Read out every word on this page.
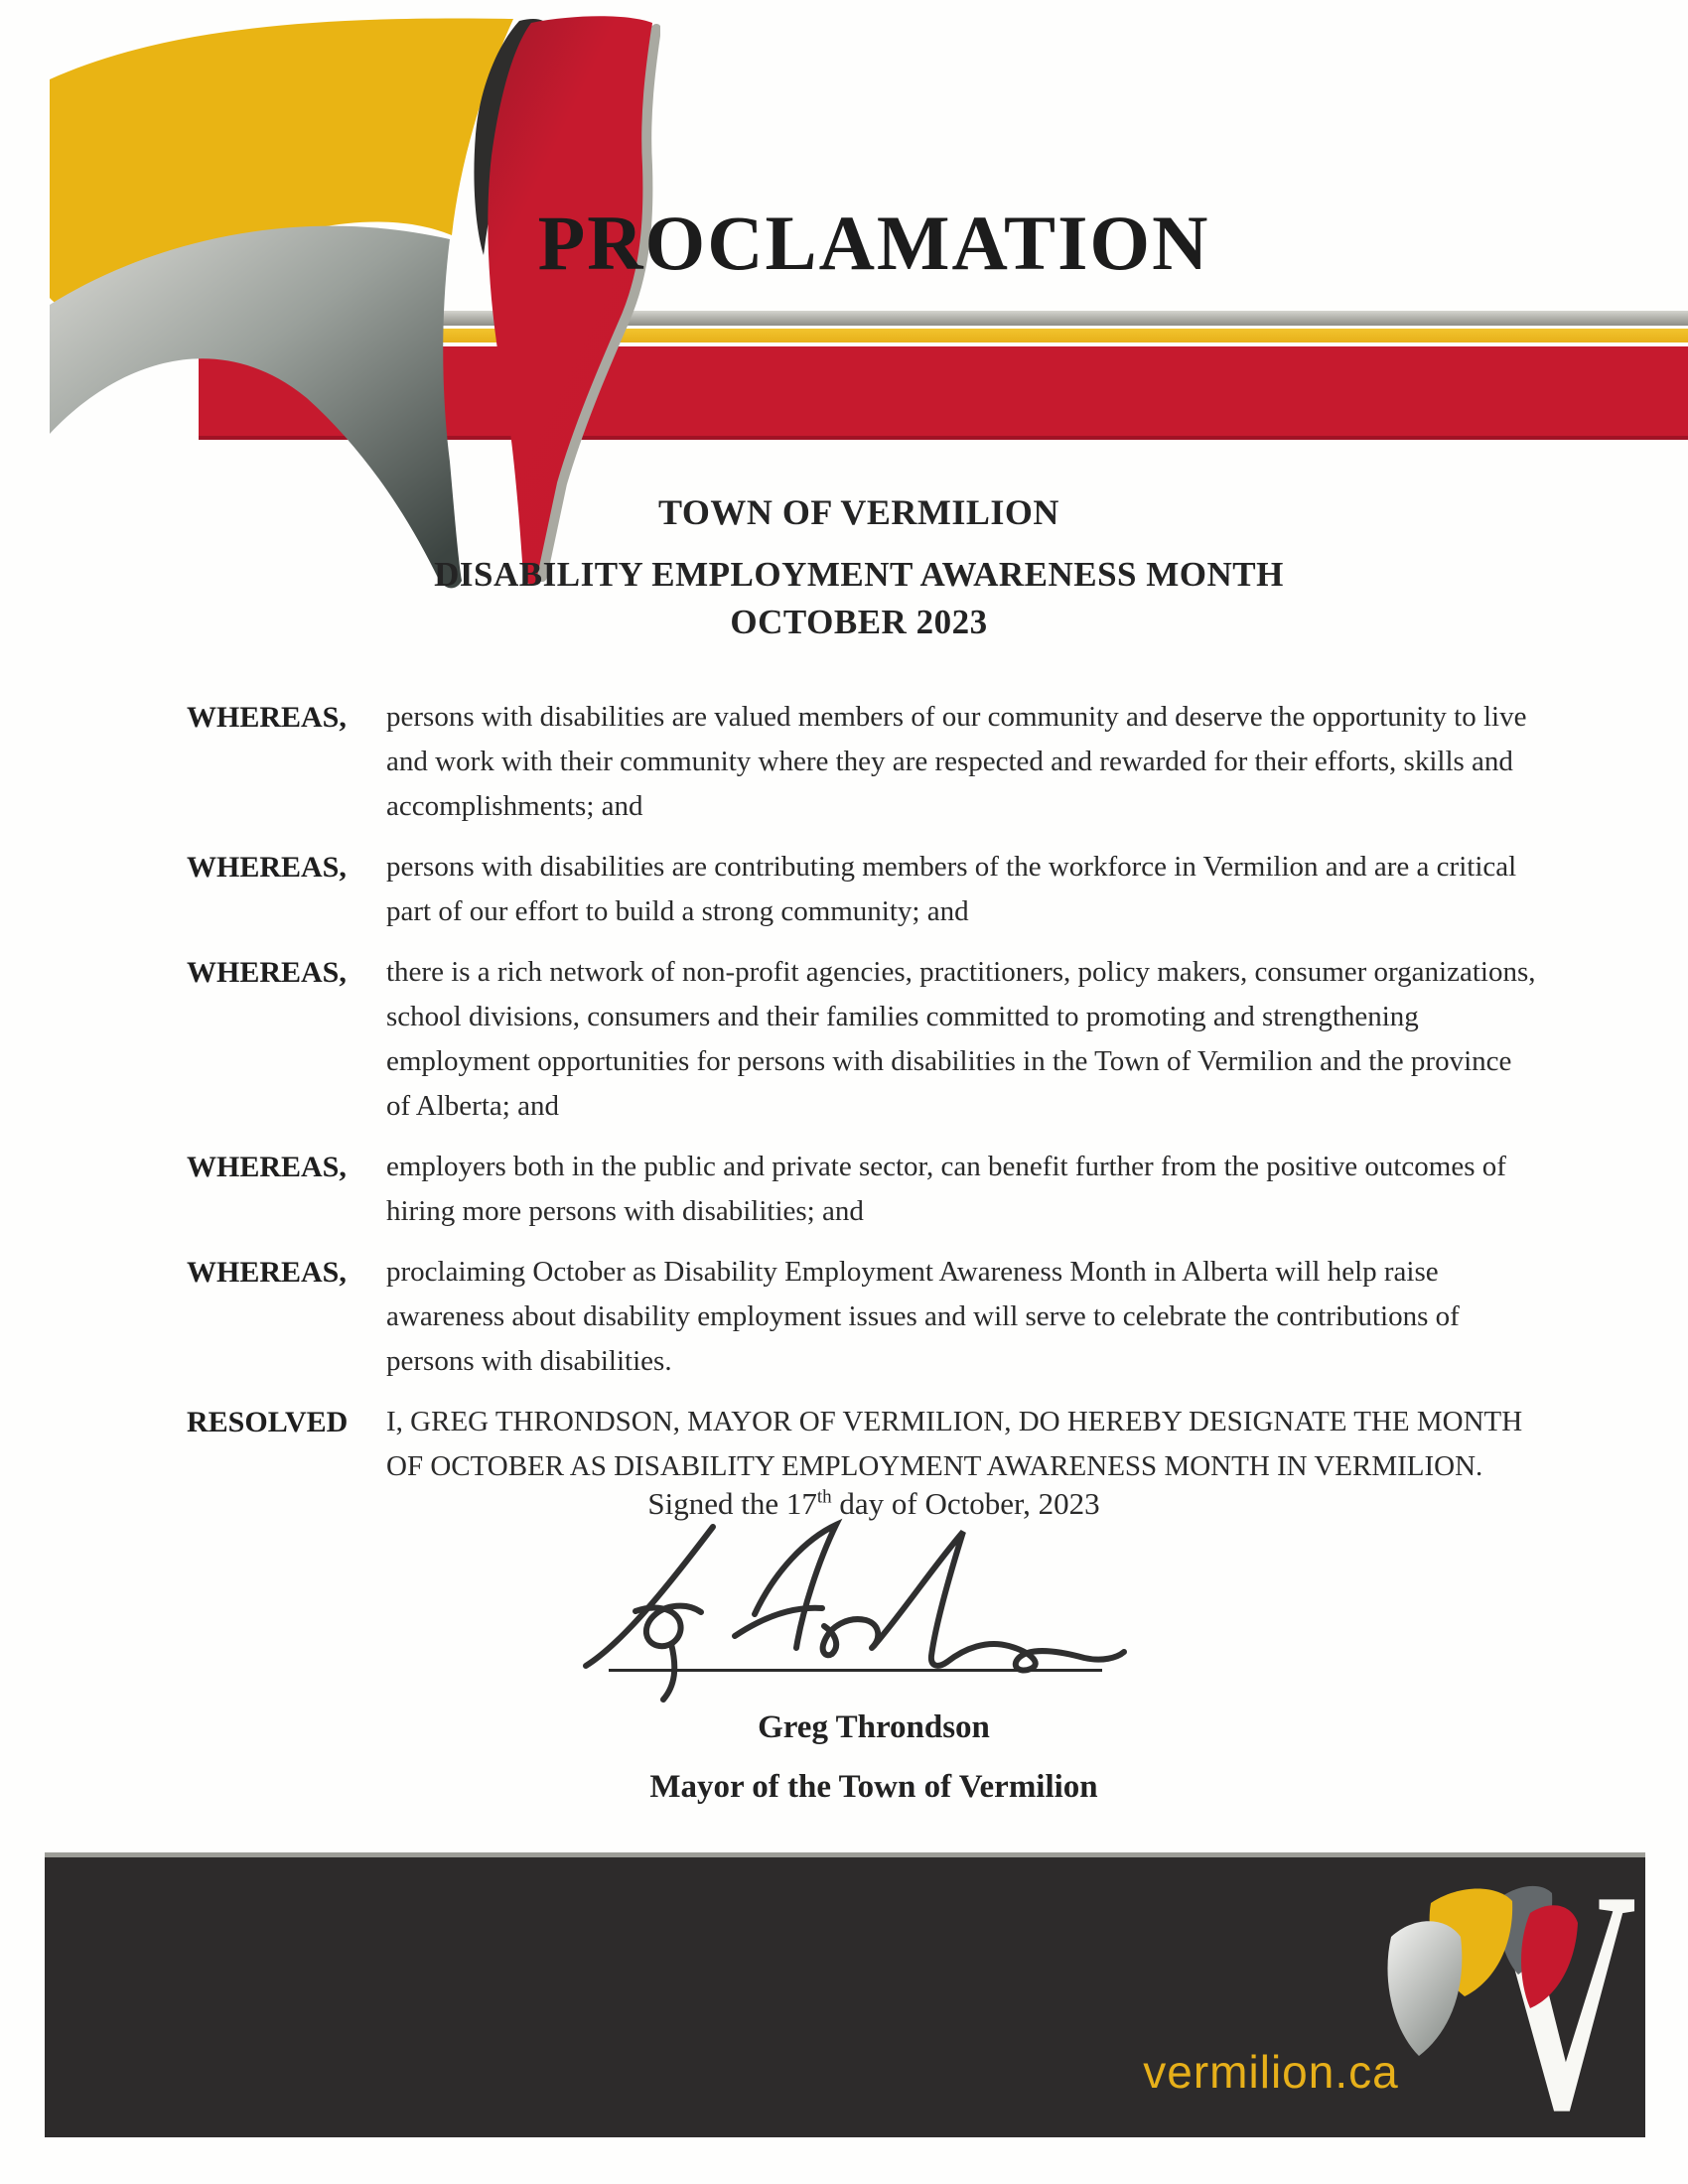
PROCLAMATION
TOWN OF VERMILION
DISABILITY EMPLOYMENT AWARENESS MONTH
OCTOBER 2023
WHEREAS,	persons with disabilities are valued members of our community and deserve the opportunity to live and work with their community where they are respected and rewarded for their efforts, skills and accomplishments; and
WHEREAS,	persons with disabilities are contributing members of the workforce in Vermilion and are a critical part of our effort to build a strong community; and
WHEREAS,	there is a rich network of non-profit agencies, practitioners, policy makers, consumer organizations, school divisions, consumers and their families committed to promoting and strengthening employment opportunities for persons with disabilities in the Town of Vermilion and the province of Alberta; and
WHEREAS,	employers both in the public and private sector, can benefit further from the positive outcomes of hiring more persons with disabilities; and
WHEREAS,	proclaiming October as Disability Employment Awareness Month in Alberta will help raise awareness about disability employment issues and will serve to celebrate the contributions of persons with disabilities.
RESOLVED	I, GREG THRONDSON, MAYOR OF VERMILION, DO HEREBY DESIGNATE THE MONTH OF OCTOBER AS DISABILITY EMPLOYMENT AWARENESS MONTH IN VERMILION.
Signed the 17th day of October, 2023
Greg Throndson
Mayor of the Town of Vermilion
vermilion.ca
